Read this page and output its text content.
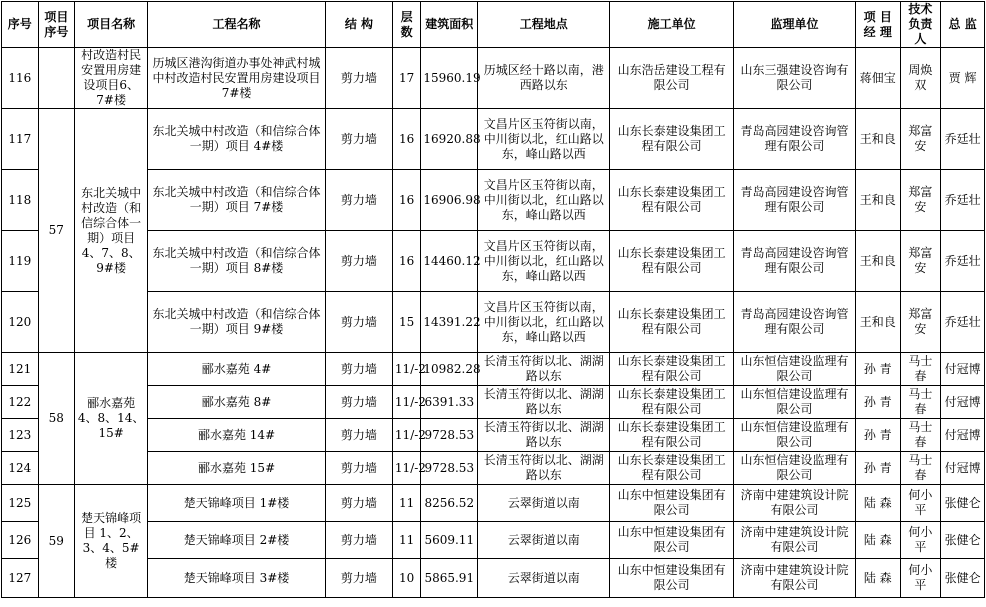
序号	项目序号	项目名称	工程名称	结 构	层数	建筑面积	工程地点	施工单位	监理单位	项 目 经 理	技术负责人	总 监
116		村改造村民安置用房建设项目6、7#楼	历城区港沟街道办事处神武村城中村改造村民安置用房建设项目7#楼	剪力墙	17	15960.19	历城区经十路以南，港西路以东	山东浩岳建设工程有限公司	山东三强建设咨询有限公司	蒋佃宝	周焕双	贾 辉
117	57	东北关城中村改造（和信综合体一期）项目 4、7、8、9#楼	东北关城中村改造（和信综合体一期）项目 4#楼	剪力墙	16	16920.88	文昌片区玉符街以南，中川街以北，红山路以东，峰山路以西	山东长泰建设集团工程有限公司	青岛高园建设咨询管理有限公司	王和良	郑富安	乔廷壮
118			东北关城中村改造（和信综合体一期）项目 7#楼	剪力墙	16	16906.98	文昌片区玉符街以南，中川街以北，红山路以东，峰山路以西	山东长泰建设集团工程有限公司	青岛高园建设咨询管理有限公司	王和良	郑富安	乔廷壮
119			东北关城中村改造（和信综合体一期）项目 8#楼	剪力墙	16	14460.12	文昌片区玉符街以南，中川街以北，红山路以东，峰山路以西	山东长泰建设集团工程有限公司	青岛高园建设咨询管理有限公司	王和良	郑富安	乔廷壮
120			东北关城中村改造（和信综合体一期）项目 9#楼	剪力墙	15	14391.22	文昌片区玉符街以南，中川街以北，红山路以东，峰山路以西	山东长泰建设集团工程有限公司	青岛高园建设咨询管理有限公司	王和良	郑富安	乔廷壮
121	58	郦水嘉苑 4、8、14、15#	郦水嘉苑 4#	剪力墙	11/-2	10982.28	长清玉符街以北、湖湖路以东	山东长泰建设集团工程有限公司	山东恒信建设监理有限公司	孙 青	马士春	付冠博
122			郦水嘉苑 8#	剪力墙	11/-2	6391.33	长清玉符街以北、湖湖路以东	山东长泰建设集团工程有限公司	山东恒信建设监理有限公司	孙 青	马士春	付冠博
123			郦水嘉苑 14#	剪力墙	11/-2	9728.53	长清玉符街以北、湖湖路以东	山东长泰建设集团工程有限公司	山东恒信建设监理有限公司	孙 青	马士春	付冠博
124			郦水嘉苑 15#	剪力墙	11/-2	9728.53	长清玉符街以北、湖湖路以东	山东长泰建设集团工程有限公司	山东恒信建设监理有限公司	孙 青	马士春	付冠博
125	59	楚天锦峰项目 1、2、3、4、5#楼	楚天锦峰项目 1#楼	剪力墙	11	8256.52	云翠街道以南	山东中恒建设集团有限公司	济南中建建筑设计院有限公司	陆 森	何小平	张健仑
126			楚天锦峰项目 2#楼	剪力墙	11	5609.11	云翠街道以南	山东中恒建设集团有限公司	济南中建建筑设计院有限公司	陆 森	何小平	张健仑
127			楚天锦峰项目 3#楼	剪力墙	10	5865.91	云翠街道以南	山东中恒建设集团有限公司	济南中建建筑设计院有限公司	陆 森	何小平	张健仑
